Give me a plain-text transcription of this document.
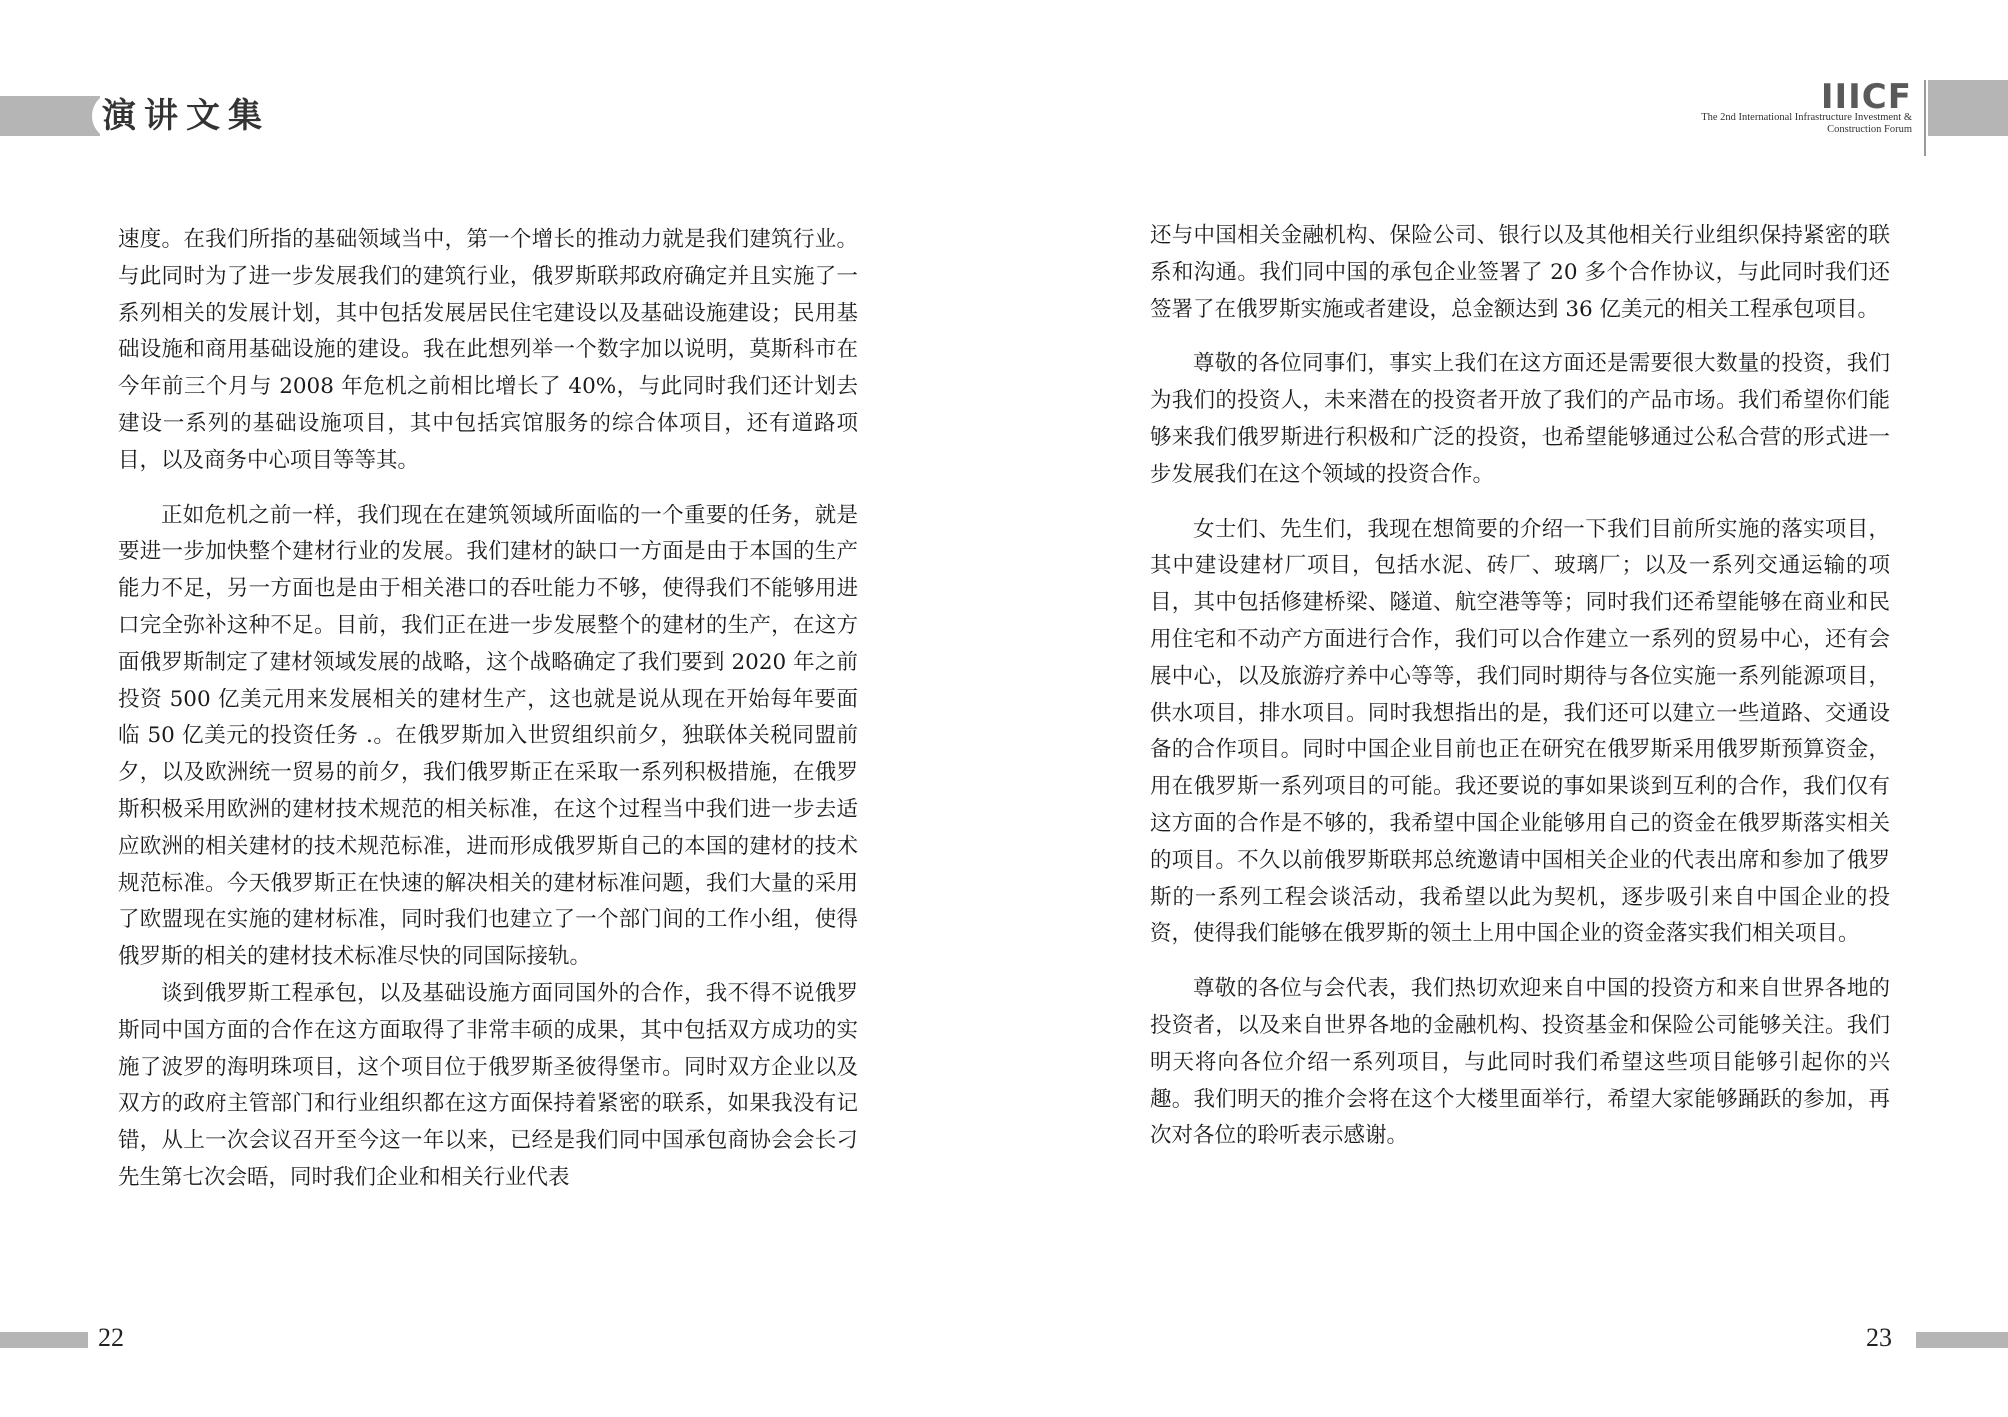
演讲文集

速度。在我们所指的基础领域当中，第一个增长的推动力就是我们建筑行业。与此同时为了进一步发展我们的建筑行业，俄罗斯联邦政府确定并且实施了一系列相关的发展计划，其中包括发展居民住宅建设以及基础设施建设；民用基础设施和商用基础设施的建设。我在此想列举一个数字加以说明，莫斯科市在今年前三个月与 2008 年危机之前相比增长了 40%，与此同时我们还计划去建设一系列的基础设施项目，其中包括宾馆服务的综合体项目，还有道路项目，以及商务中心项目等等其。

正如危机之前一样，我们现在在建筑领域所面临的一个重要的任务，就是要进一步加快整个建材行业的发展。我们建材的缺口一方面是由于本国的生产能力不足，另一方面也是由于相关港口的吞吐能力不够，使得我们不能够用进口完全弥补这种不足。目前，我们正在进一步发展整个的建材的生产，在这方面俄罗斯制定了建材领域发展的战略，这个战略确定了我们要到 2020 年之前投资 500 亿美元用来发展相关的建材生产，这也就是说从现在开始每年要面临 50 亿美元的投资任务 .。在俄罗斯加入世贸组织前夕，独联体关税同盟前夕，以及欧洲统一贸易的前夕，我们俄罗斯正在采取一系列积极措施，在俄罗斯积极采用欧洲的建材技术规范的相关标准，在这个过程当中我们进一步去适应欧洲的相关建材的技术规范标准，进而形成俄罗斯自己的本国的建材的技术规范标准。今天俄罗斯正在快速的解决相关的建材标准问题，我们大量的采用了欧盟现在实施的建材标准，同时我们也建立了一个部门间的工作小组，使得俄罗斯的相关的建材技术标准尽快的同国际接轨。

谈到俄罗斯工程承包，以及基础设施方面同国外的合作，我不得不说俄罗斯同中国方面的合作在这方面取得了非常丰硕的成果，其中包括双方成功的实施了波罗的海明珠项目，这个项目位于俄罗斯圣彼得堡市。同时双方企业以及双方的政府主管部门和行业组织都在这方面保持着紧密的联系，如果我没有记错，从上一次会议召开至今这一年以来，已经是我们同中国承包商协会会长刁先生第七次会晤，同时我们企业和相关行业代表

22
IIICF
The 2nd International Infrastructure Investment &
Construction Forum

还与中国相关金融机构、保险公司、银行以及其他相关行业组织保持紧密的联系和沟通。我们同中国的承包企业签署了 20 多个合作协议，与此同时我们还签署了在俄罗斯实施或者建设，总金额达到 36 亿美元的相关工程承包项目。

尊敬的各位同事们，事实上我们在这方面还是需要很大数量的投资，我们为我们的投资人，未来潜在的投资者开放了我们的产品市场。我们希望你们能够来我们俄罗斯进行积极和广泛的投资，也希望能够通过公私合营的形式进一步发展我们在这个领域的投资合作。

女士们、先生们，我现在想简要的介绍一下我们目前所实施的落实项目，其中建设建材厂项目，包括水泥、砖厂、玻璃厂；以及一系列交通运输的项目，其中包括修建桥梁、隧道、航空港等等；同时我们还希望能够在商业和民用住宅和不动产方面进行合作，我们可以合作建立一系列的贸易中心，还有会展中心，以及旅游疗养中心等等，我们同时期待与各位实施一系列能源项目，供水项目，排水项目。同时我想指出的是，我们还可以建立一些道路、交通设备的合作项目。同时中国企业目前也正在研究在俄罗斯采用俄罗斯预算资金，用在俄罗斯一系列项目的可能。我还要说的事如果谈到互利的合作，我们仅有这方面的合作是不够的，我希望中国企业能够用自己的资金在俄罗斯落实相关的项目。不久以前俄罗斯联邦总统邀请中国相关企业的代表出席和参加了俄罗斯的一系列工程会谈活动，我希望以此为契机，逐步吸引来自中国企业的投资，使得我们能够在俄罗斯的领土上用中国企业的资金落实我们相关项目。

尊敬的各位与会代表，我们热切欢迎来自中国的投资方和来自世界各地的投资者，以及来自世界各地的金融机构、投资基金和保险公司能够关注。我们明天将向各位介绍一系列项目，与此同时我们希望这些项目能够引起你的兴趣。我们明天的推介会将在这个大楼里面举行，希望大家能够踊跃的参加，再次对各位的聆听表示感谢。

23
